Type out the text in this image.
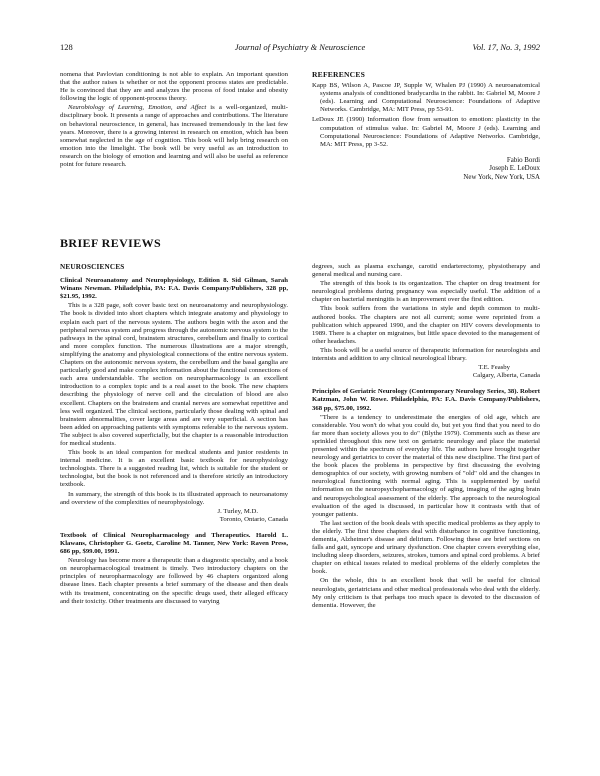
128	Journal of Psychiatry & Neuroscience	Vol. 17, No. 3, 1992

nomena that Pavlovian conditioning is not able to explain. An important question that the author raises is whether or not the opponent process states are predictable. He is convinced that they are and analyzes the process of food intake and obesity following the logic of opponent-process theory.

Neurobiology of Learning, Emotion, and Affect is a well-organized, multi-disciplinary book. It presents a range of approaches and contributions. The literature on behavioral neuroscience, in general, has increased tremendously in the last few years. Moreover, there is a growing interest in research on emotion, which has been somewhat neglected in the age of cognition. This book will help bring research on emotion into the limelight. The book will be very useful as an introduction to research on the biology of emotion and learning and will also be useful as reference point for future research.

REFERENCES
Kapp BS, Wilson A, Pascoe JP, Supple W, Whalen PJ (1990) A neuroanatomical systems analysis of conditioned bradycardia in the rabbit. In: Gabriel M, Moore J (eds). Learning and Computational Neuroscience: Foundations of Adaptive Networks. Cambridge, MA: MIT Press, pp 53-91.
LeDoux JE (1990) Information flow from sensation to emotion: plasticity in the computation of stimulus value. In: Gabriel M, Moore J (eds). Learning and Computational Neuroscience: Foundations of Adaptive Networks. Cambridge, MA: MIT Press, pp 3-52.
Fabio Bordi
Joseph E. LeDoux
New York, New York, USA
BRIEF REVIEWS
NEUROSCIENCES

Clinical Neuroanatomy and Neurophysiology, Edition 8. Sid Gilman, Sarah Winans Newman. Philadelphia, PA: F.A. Davis Company/Publishers, 328 pp, $21.95, 1992.

This is a 328 page, soft cover basic text on neuroanatomy and neurophysiology. The book is divided into short chapters which integrate anatomy and physiology to explain each part of the nervous system. The authors begin with the axon and the peripheral nervous system and progress through the autonomic nervous system to the pathways in the spinal cord, brainstem structures, cerebellum and finally to cortical and more complex function. The numerous illustrations are a major strength, simplifying the anatomy and physiological connections of the entire nervous system. Chapters on the autonomic nervous system, the cerebellum and the basal ganglia are particularly good and make complex information about the functional connections of each area understandable. The section on neuropharmacology is an excellent introduction to a complex topic and is a real asset to the book. The new chapters describing the physiology of nerve cell and the circulation of blood are also excellent. Chapters on the brainstem and cranial nerves are somewhat repetitive and less well organized. The clinical sections, particularly those dealing with spinal and brainstem abnormalities, cover large areas and are very superficial. A section has been added on approaching patients with symptoms referable to the nervous system. The subject is also covered superficially, but the chapter is a reasonable introduction for medical students.

This book is an ideal companion for medical students and junior residents in internal medicine. It is an excellent basic textbook for neurophysiology technologists. There is a suggested reading list, which is suitable for the student or technologist, but the book is not referenced and is therefore strictly an introductory textbook.

In summary, the strength of this book is its illustrated approach to neuroanatomy and overview of the complexities of neurophysiology.

J. Turley, M.D.
Toronto, Ontario, Canada

Textbook of Clinical Neuropharmacology and Therapeutics. Harold L. Klawans, Christopher G. Goetz, Caroline M. Tanner, New York: Raven Press, 686 pp, $99.00, 1991.

Neurology has become more a therapeutic than a diagnostic specialty, and a book on neuropharmacological treatment is timely. Two introductory chapters on the principles of neuropharmacology are followed by 46 chapters organized along disease lines. Each chapter presents a brief summary of the disease and then deals with its treatment, concentrating on the specific drugs used, their alleged efficacy and their toxicity. Other treatments are discussed to varying

degrees, such as plasma exchange, carotid endarterectomy, physiotherapy and general medical and nursing care.

The strength of this book is its organization. The chapter on drug treatment for neurological problems during pregnancy was especially useful. The addition of a chapter on bacterial meningitis is an improvement over the first edition.

This book suffers from the variations in style and depth common to multi-authored books. The chapters are not all current; some were reprinted from a publication which appeared 1990, and the chapter on HIV covers developments to 1989. There is a chapter on migraines, but little space devoted to the management of other headaches.

This book will be a useful source of therapeutic information for neurologists and internists and addition to any clinical neurological library.

T.E. Feasby
Calgary, Alberta, Canada

Principles of Geriatric Neurology (Contemporary Neurology Series, 38). Robert Katzman, John W. Rowe. Philadelphia, PA: F.A. Davis Company/Publishers, 368 pp, $75.00, 1992.

"There is a tendency to underestimate the energies of old age, which are considerable. You won't do what you could do, but yet you find that you need to do far more than society allows you to do" (Blythe 1979). Comments such as these are sprinkled throughout this new text on geriatric neurology and place the material presented within the spectrum of everyday life. The authors have brought together neurology and geriatrics to cover the material of this new discipline. The first part of the book places the problems in perspective by first discussing the evolving demographics of our society, with growing numbers of "old" old and the changes in neurological functioning with normal aging. This is supplemented by useful information on the neuropsychopharmacology of aging, imaging of the aging brain and neuropsychological assessment of the elderly. The approach to the neurological evaluation of the aged is discussed, in particular how it contrasts with that of younger patients.

The last section of the book deals with specific medical problems as they apply to the elderly. The first three chapters deal with disturbance in cognitive functioning, dementia, Alzheimer's disease and delirium. Following these are brief sections on falls and gait, syncope and urinary dysfunction. One chapter covers everything else, including sleep disorders, seizures, strokes, tumors and spinal cord problems. A brief chapter on ethical issues related to medical problems of the elderly completes the book.

On the whole, this is an excellent book that will be useful for clinical neurologists, geriatricians and other medical professionals who deal with the elderly. My only criticism is that perhaps too much space is devoted to the discussion of dementia. However, the
